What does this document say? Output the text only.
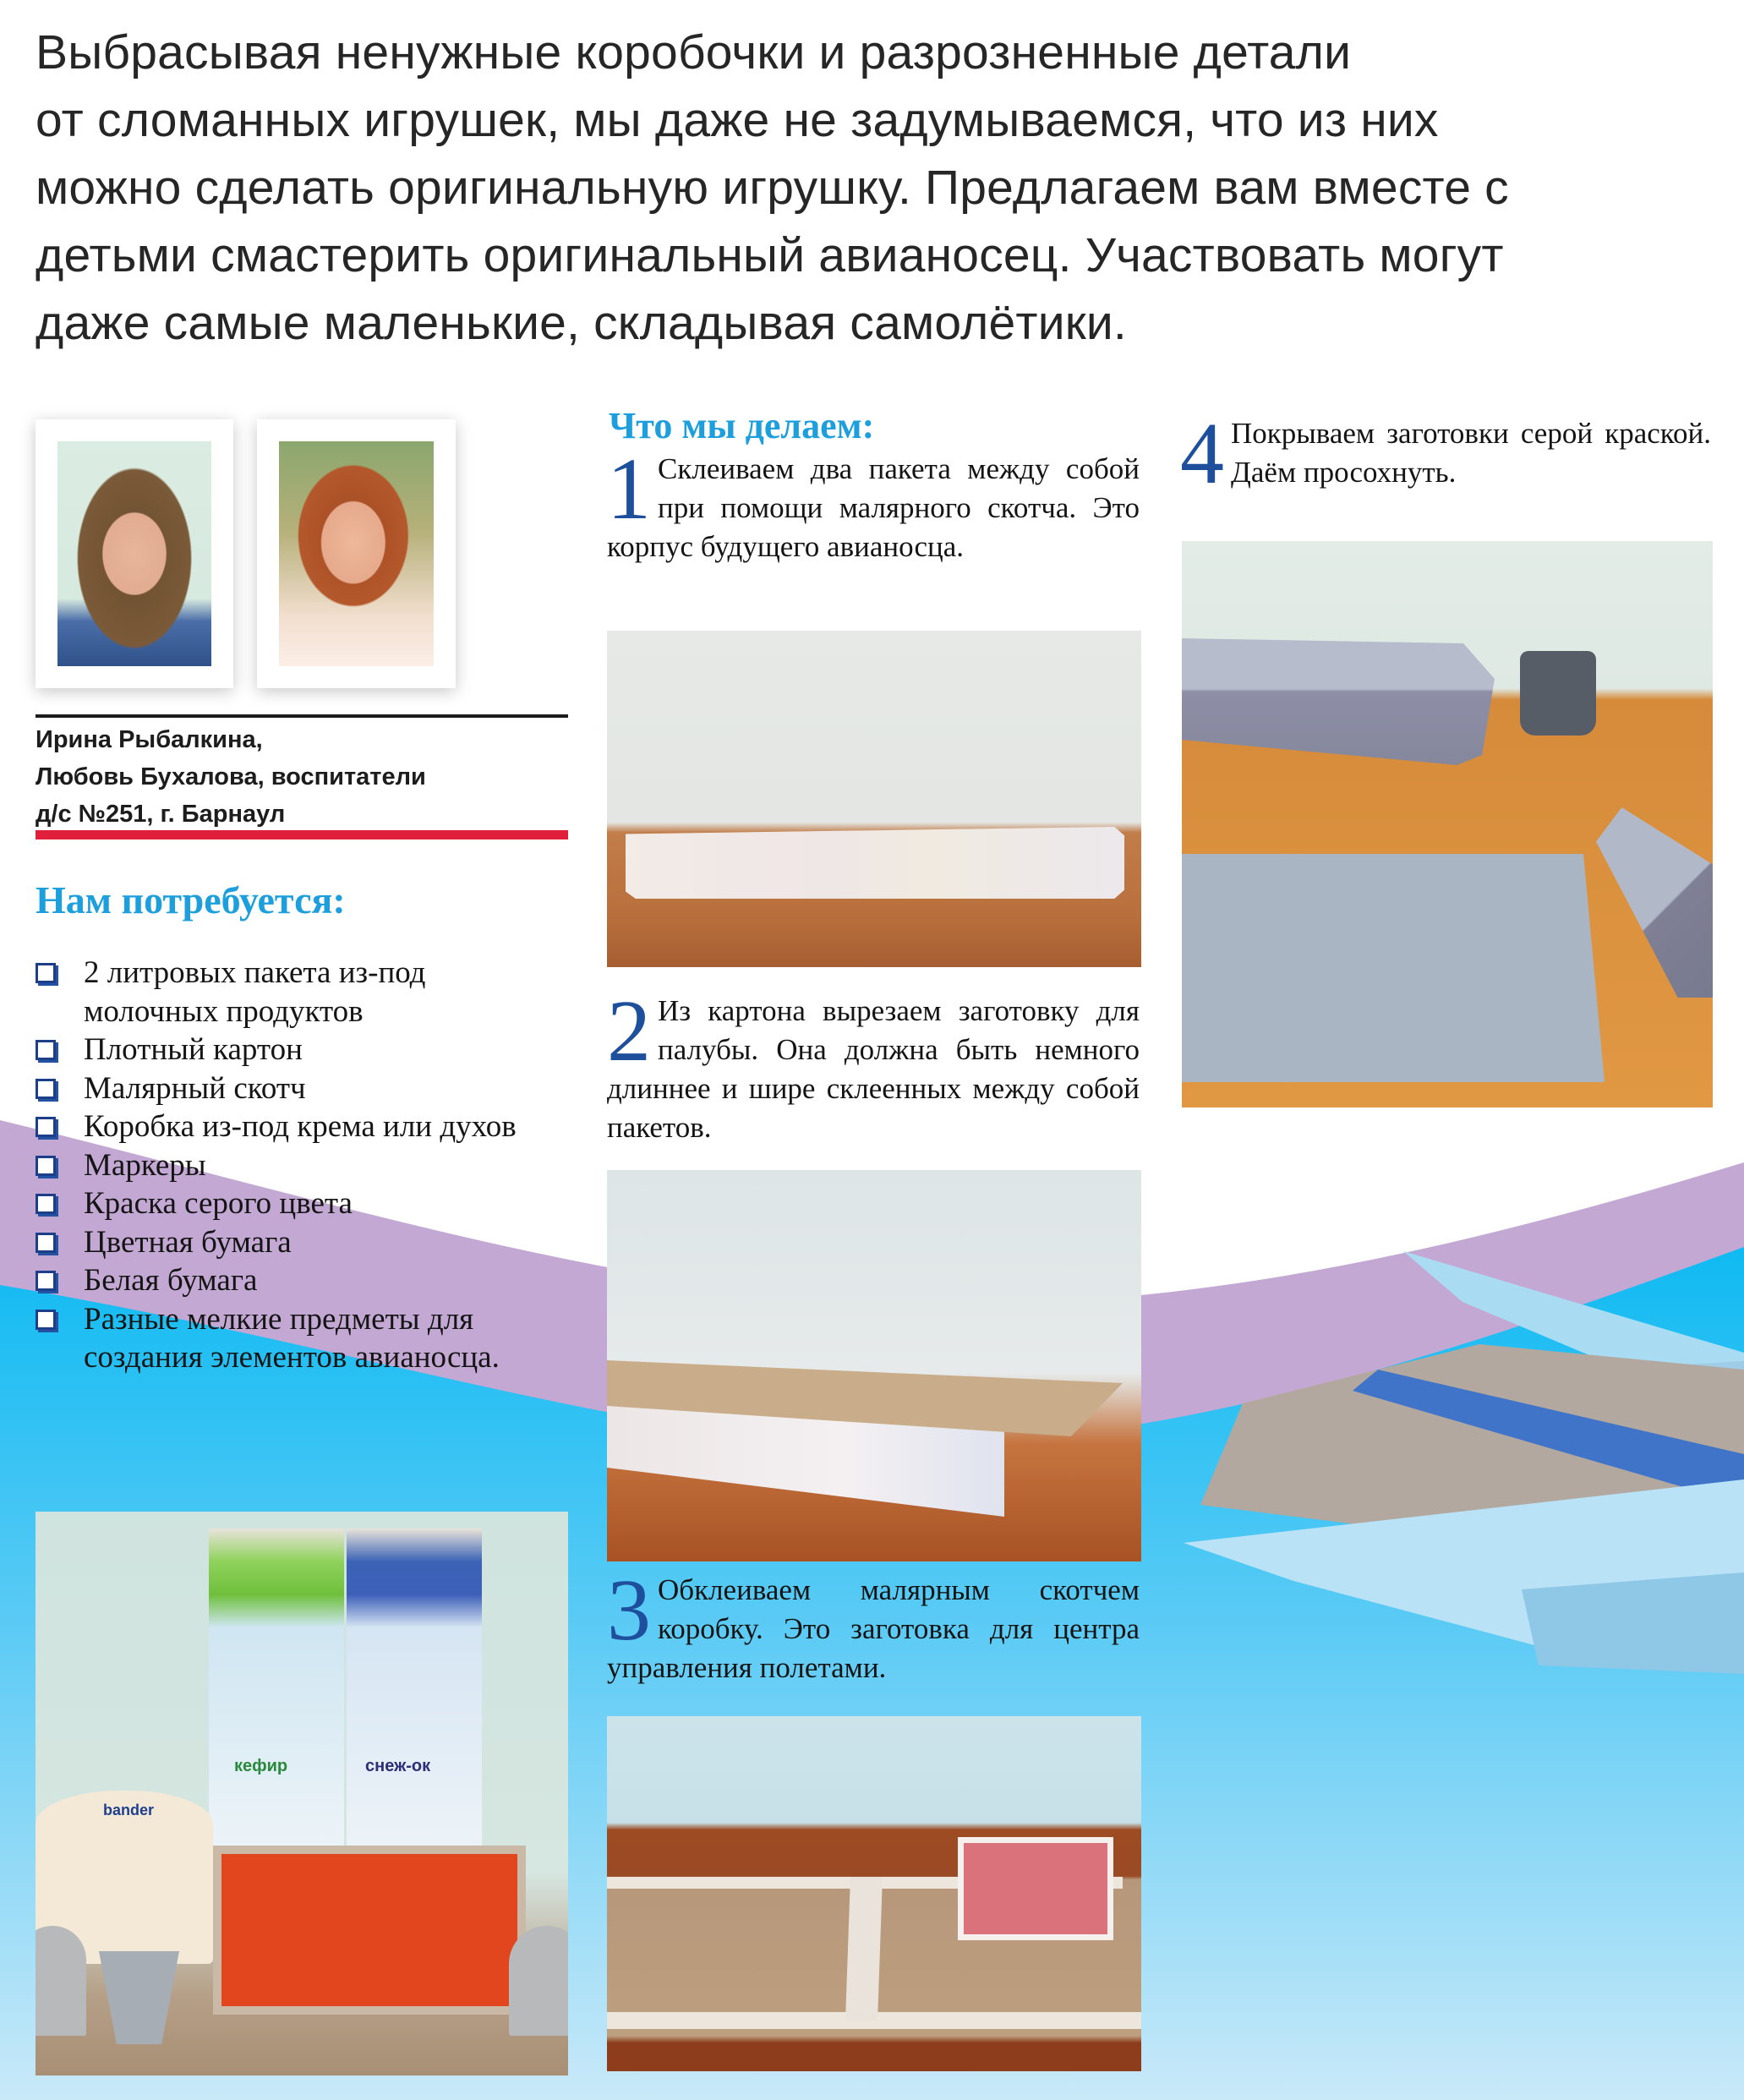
Выбрасывая ненужные коробочки и разрозненные детали
от сломанных игрушек, мы даже не задумываемся, что из них
можно сделать оригинальную игрушку. Предлагаем вам вместе с
детьми смастерить оригинальный авианосец. Участвовать могут
даже самые маленькие, складывая самолётики.
Ирина Рыбалкина,
Любовь Бухалова, воспитатели
д/с №251, г. Барнаул
Нам потребуется:
2 литровых пакета из-под молочных продуктов
Плотный картон
Малярный скотч
Коробка из-под крема или духов
Маркеры
Краска серого цвета
Цветная бумага
Белая бумага
Разные мелкие предметы для создания элементов авианосца.
кефир	снеж-ок
bander
Что мы делаем:
1 Склеиваем два пакета между собой при помощи малярного скотча. Это корпус будущего авианосца.
2 Из картона вырезаем заготовку для палубы. Она должна быть немного длиннее и шире склеенных между собой пакетов.
3 Обклеиваем малярным скотчем коробку. Это заготовка для центра управления полетами.
4 Покрываем заготовки серой краской. Даём просохнуть.
